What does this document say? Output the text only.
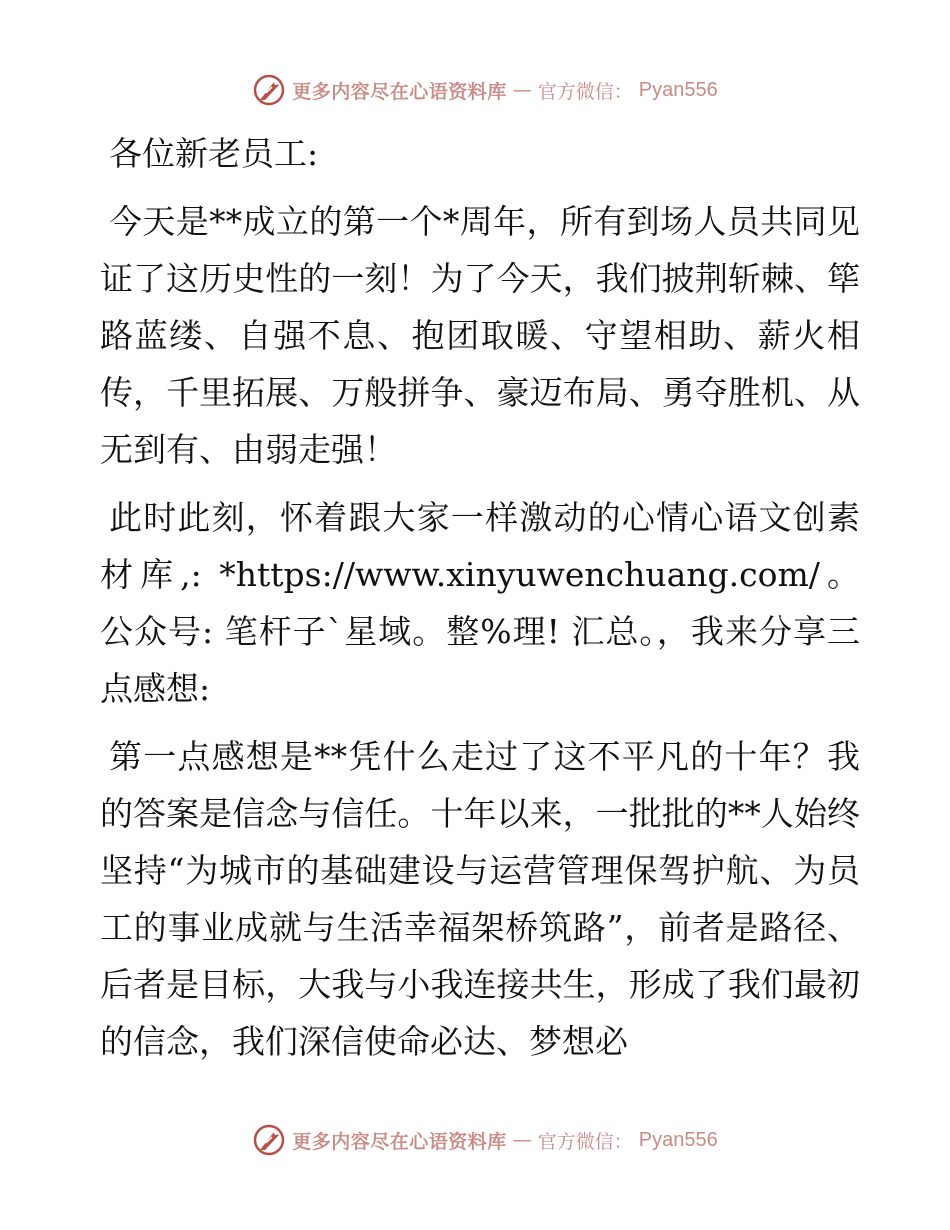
更多内容尽在心语资料库 — 官方微信： Pyan556

各位新老员工:

今天是**成立的第一个*周年，所有到场人员共同见证了这历史性的一刻！为了今天，我们披荆斩棘、筚路蓝缕、自强不息、抱团取暖、守望相助、薪火相传，千里拓展、万般拼争、豪迈布局、勇夺胜机、从无到有、由弱走强！

此时此刻，怀着跟大家一样激动的心情心语文创素材库,: *https://www.xinyuwenchuang.com/。公众号: 笔杆子`星域。整%理! 汇总。，我来分享三点感想:

第一点感想是**凭什么走过了这不平凡的十年？我的答案是信念与信任。十年以来，一批批的**人始终坚持“为城市的基础建设与运营管理保驾护航、为员工的事业成就与生活幸福架桥筑路”，前者是路径、后者是目标，大我与小我连接共生，形成了我们最初的信念，我们深信使命必达、梦想必

更多内容尽在心语资料库 — 官方微信： Pyan556
